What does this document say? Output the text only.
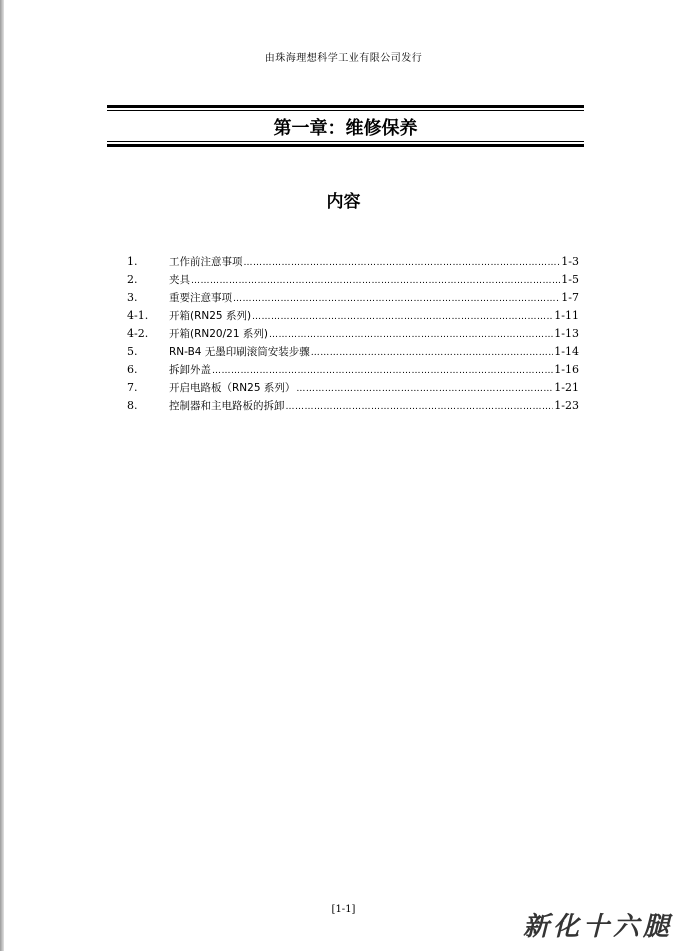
由珠海理想科学工业有限公司发行
第一章：维修保养
内容
1.	工作前注意事项 ……………………………………………………………………………………………………………………………………	1-3
2.	夹具 ……………………………………………………………………………………………………………………………………	1-5
3.	重要注意事项 ……………………………………………………………………………………………………………………………………	1-7
4-1.	开箱(RN25 系列) ……………………………………………………………………………………………………………………………………	1-11
4-2.	开箱(RN20/21 系列) ……………………………………………………………………………………………………………………………………	1-13
5.	RN-B4 无墨印刷滚筒安装步骤 ……………………………………………………………………………………………………………………………………	1-14
6.	拆卸外盖 ……………………………………………………………………………………………………………………………………	1-16
7.	开启电路板（RN25 系列） ……………………………………………………………………………………………………………………………………	1-21
8.	控制器和主电路板的拆卸 ……………………………………………………………………………………………………………………………………	1-23
[1-1]
新化十六腿
